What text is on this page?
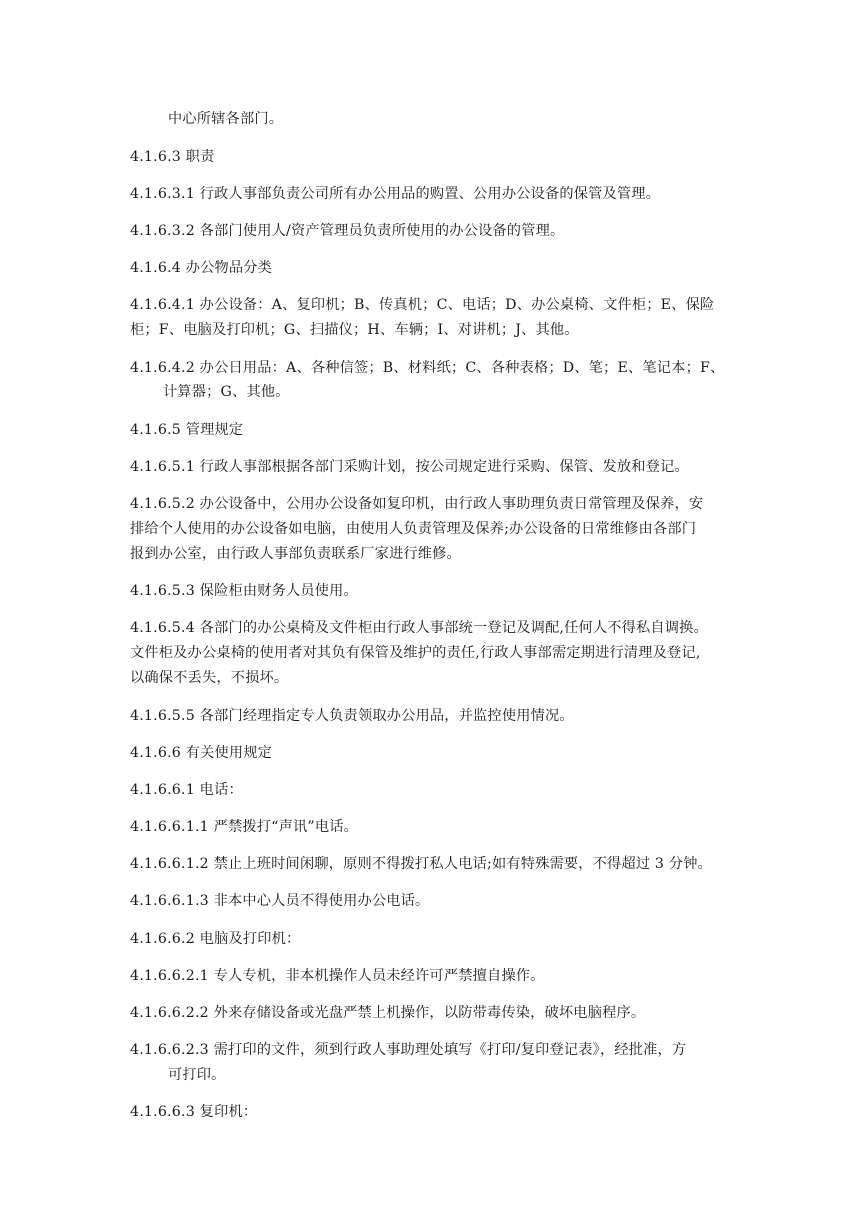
中心所辖各部门。
4.1.6.3 职责
4.1.6.3.1 行政人事部负责公司所有办公用品的购置、公用办公设备的保管及管理。
4.1.6.3.2 各部门使用人/资产管理员负责所使用的办公设备的管理。
4.1.6.4 办公物品分类
4.1.6.4.1 办公设备：A、复印机；B、传真机；C、电话；D、办公桌椅、文件柜；E、保险
柜；F、电脑及打印机；G、扫描仪；H、车辆；I、对讲机；J、其他。
4.1.6.4.2 办公日用品：A、各种信签；B、材料纸；C、各种表格；D、笔；E、笔记本；F、
计算器；G、其他。
4.1.6.5 管理规定
4.1.6.5.1 行政人事部根据各部门采购计划，按公司规定进行采购、保管、发放和登记。
4.1.6.5.2 办公设备中，公用办公设备如复印机，由行政人事助理负责日常管理及保养，安
排给个人使用的办公设备如电脑，由使用人负责管理及保养;办公设备的日常维修由各部门
报到办公室，由行政人事部负责联系厂家进行维修。
4.1.6.5.3 保险柜由财务人员使用。
4.1.6.5.4 各部门的办公桌椅及文件柜由行政人事部统一登记及调配,任何人不得私自调换。
文件柜及办公桌椅的使用者对其负有保管及维护的责任,行政人事部需定期进行清理及登记,
以确保不丢失，不损坏。
4.1.6.5.5 各部门经理指定专人负责领取办公用品，并监控使用情况。
4.1.6.6 有关使用规定
4.1.6.6.1 电话：
4.1.6.6.1.1 严禁拨打“声讯”电话。
4.1.6.6.1.2 禁止上班时间闲聊，原则不得拨打私人电话;如有特殊需要，不得超过 3 分钟。
4.1.6.6.1.3 非本中心人员不得使用办公电话。
4.1.6.6.2 电脑及打印机：
4.1.6.6.2.1 专人专机，非本机操作人员未经许可严禁擅自操作。
4.1.6.6.2.2 外来存储设备或光盘严禁上机操作，以防带毒传染，破坏电脑程序。
4.1.6.6.2.3 需打印的文件，须到行政人事助理处填写《打印/复印登记表》，经批准，方
可打印。
4.1.6.6.3 复印机：
